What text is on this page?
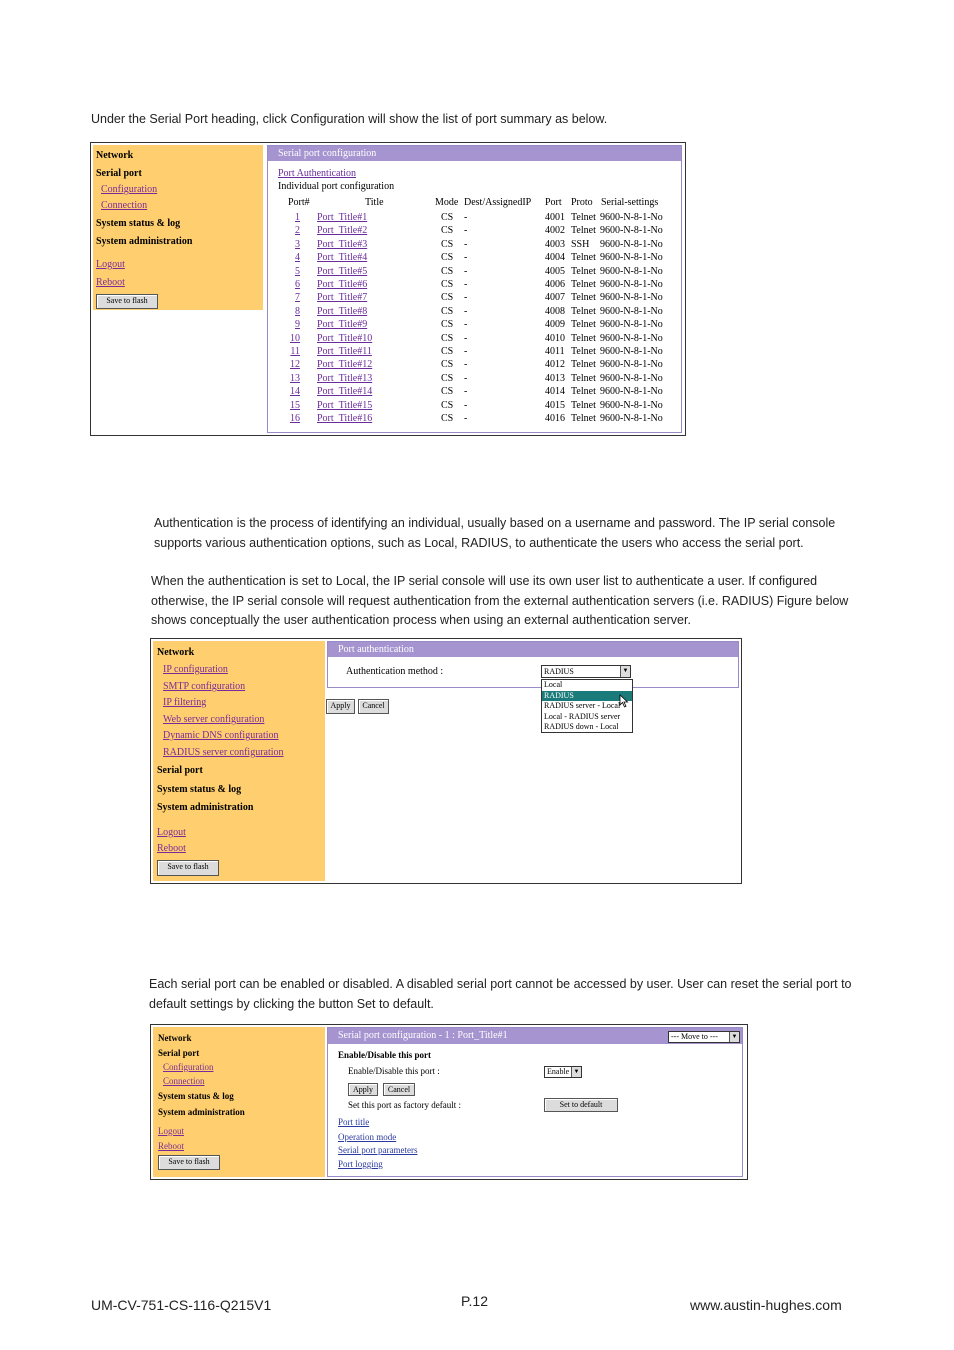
Under the Serial Port heading, click Configuration will show the list of port summary as below.

Network
Serial port
Configuration
Connection
System status & log
System administration
Logout
Reboot
Save to flash
Serial port configuration
Port Authentication
Individual port configuration
Port#	Title	Mode Dest/AssignedIP Port Proto Serial-settings
1 Port_Title#1	CS -	4001 Telnet 9600-N-8-1-No
2 Port_Title#2	CS -	4002 Telnet 9600-N-8-1-No
3 Port_Title#3	CS -	4003 SSH 9600-N-8-1-No
4 Port_Title#4	CS -	4004 Telnet 9600-N-8-1-No
5 Port_Title#5	CS -	4005 Telnet 9600-N-8-1-No
6 Port_Title#6	CS -	4006 Telnet 9600-N-8-1-No
7 Port_Title#7	CS -	4007 Telnet 9600-N-8-1-No
8 Port_Title#8	CS -	4008 Telnet 9600-N-8-1-No
9 Port_Title#9	CS -	4009 Telnet 9600-N-8-1-No
10 Port_Title#10	CS -	4010 Telnet 9600-N-8-1-No
11 Port_Title#11	CS -	4011 Telnet 9600-N-8-1-No
12 Port_Title#12	CS -	4012 Telnet 9600-N-8-1-No
13 Port_Title#13	CS -	4013 Telnet 9600-N-8-1-No
14 Port_Title#14	CS -	4014 Telnet 9600-N-8-1-No
15 Port_Title#15	CS -	4015 Telnet 9600-N-8-1-No
16 Port_Title#16	CS -	4016 Telnet 9600-N-8-1-No

Authentication is the process of identifying an individual, usually based on a username and password. The IP serial console supports various authentication options, such as Local, RADIUS, to authenticate the users who access the serial port.

When the authentication is set to Local, the IP serial console will use its own user list to authenticate a user. If configured otherwise, the IP serial console will request authentication from the external authentication servers (i.e. RADIUS) Figure below shows conceptually the user authentication process when using an external authentication server.

Network
IP configuration
SMTP configuration
IP filtering
Web server configuration
Dynamic DNS configuration
RADIUS server configuration
Serial port
System status & log
System administration
Logout
Reboot
Save to flash
Port authentication
Authentication method :	RADIUS	▼
Local
RADIUS
RADIUS server - Local
Local - RADIUS server
RADIUS down - Local
Apply	Cancel

Each serial port can be enabled or disabled. A disabled serial port cannot be accessed by user. User can reset the serial port to default settings by clicking the button Set to default.

Network
Serial port
Configuration
Connection
System status & log
System administration
Logout
Reboot
Save to flash
Serial port configuration - 1 : Port_Title#1	--- Move to ---	▼
Enable/Disable this port
Enable/Disable this port :	Enable ▼
Apply	Cancel
Set this port as factory default :	Set to default
Port title
Operation mode
Serial port parameters
Port logging
UM-CV-751-CS-116-Q215V1	P.12	www.austin-hughes.com
